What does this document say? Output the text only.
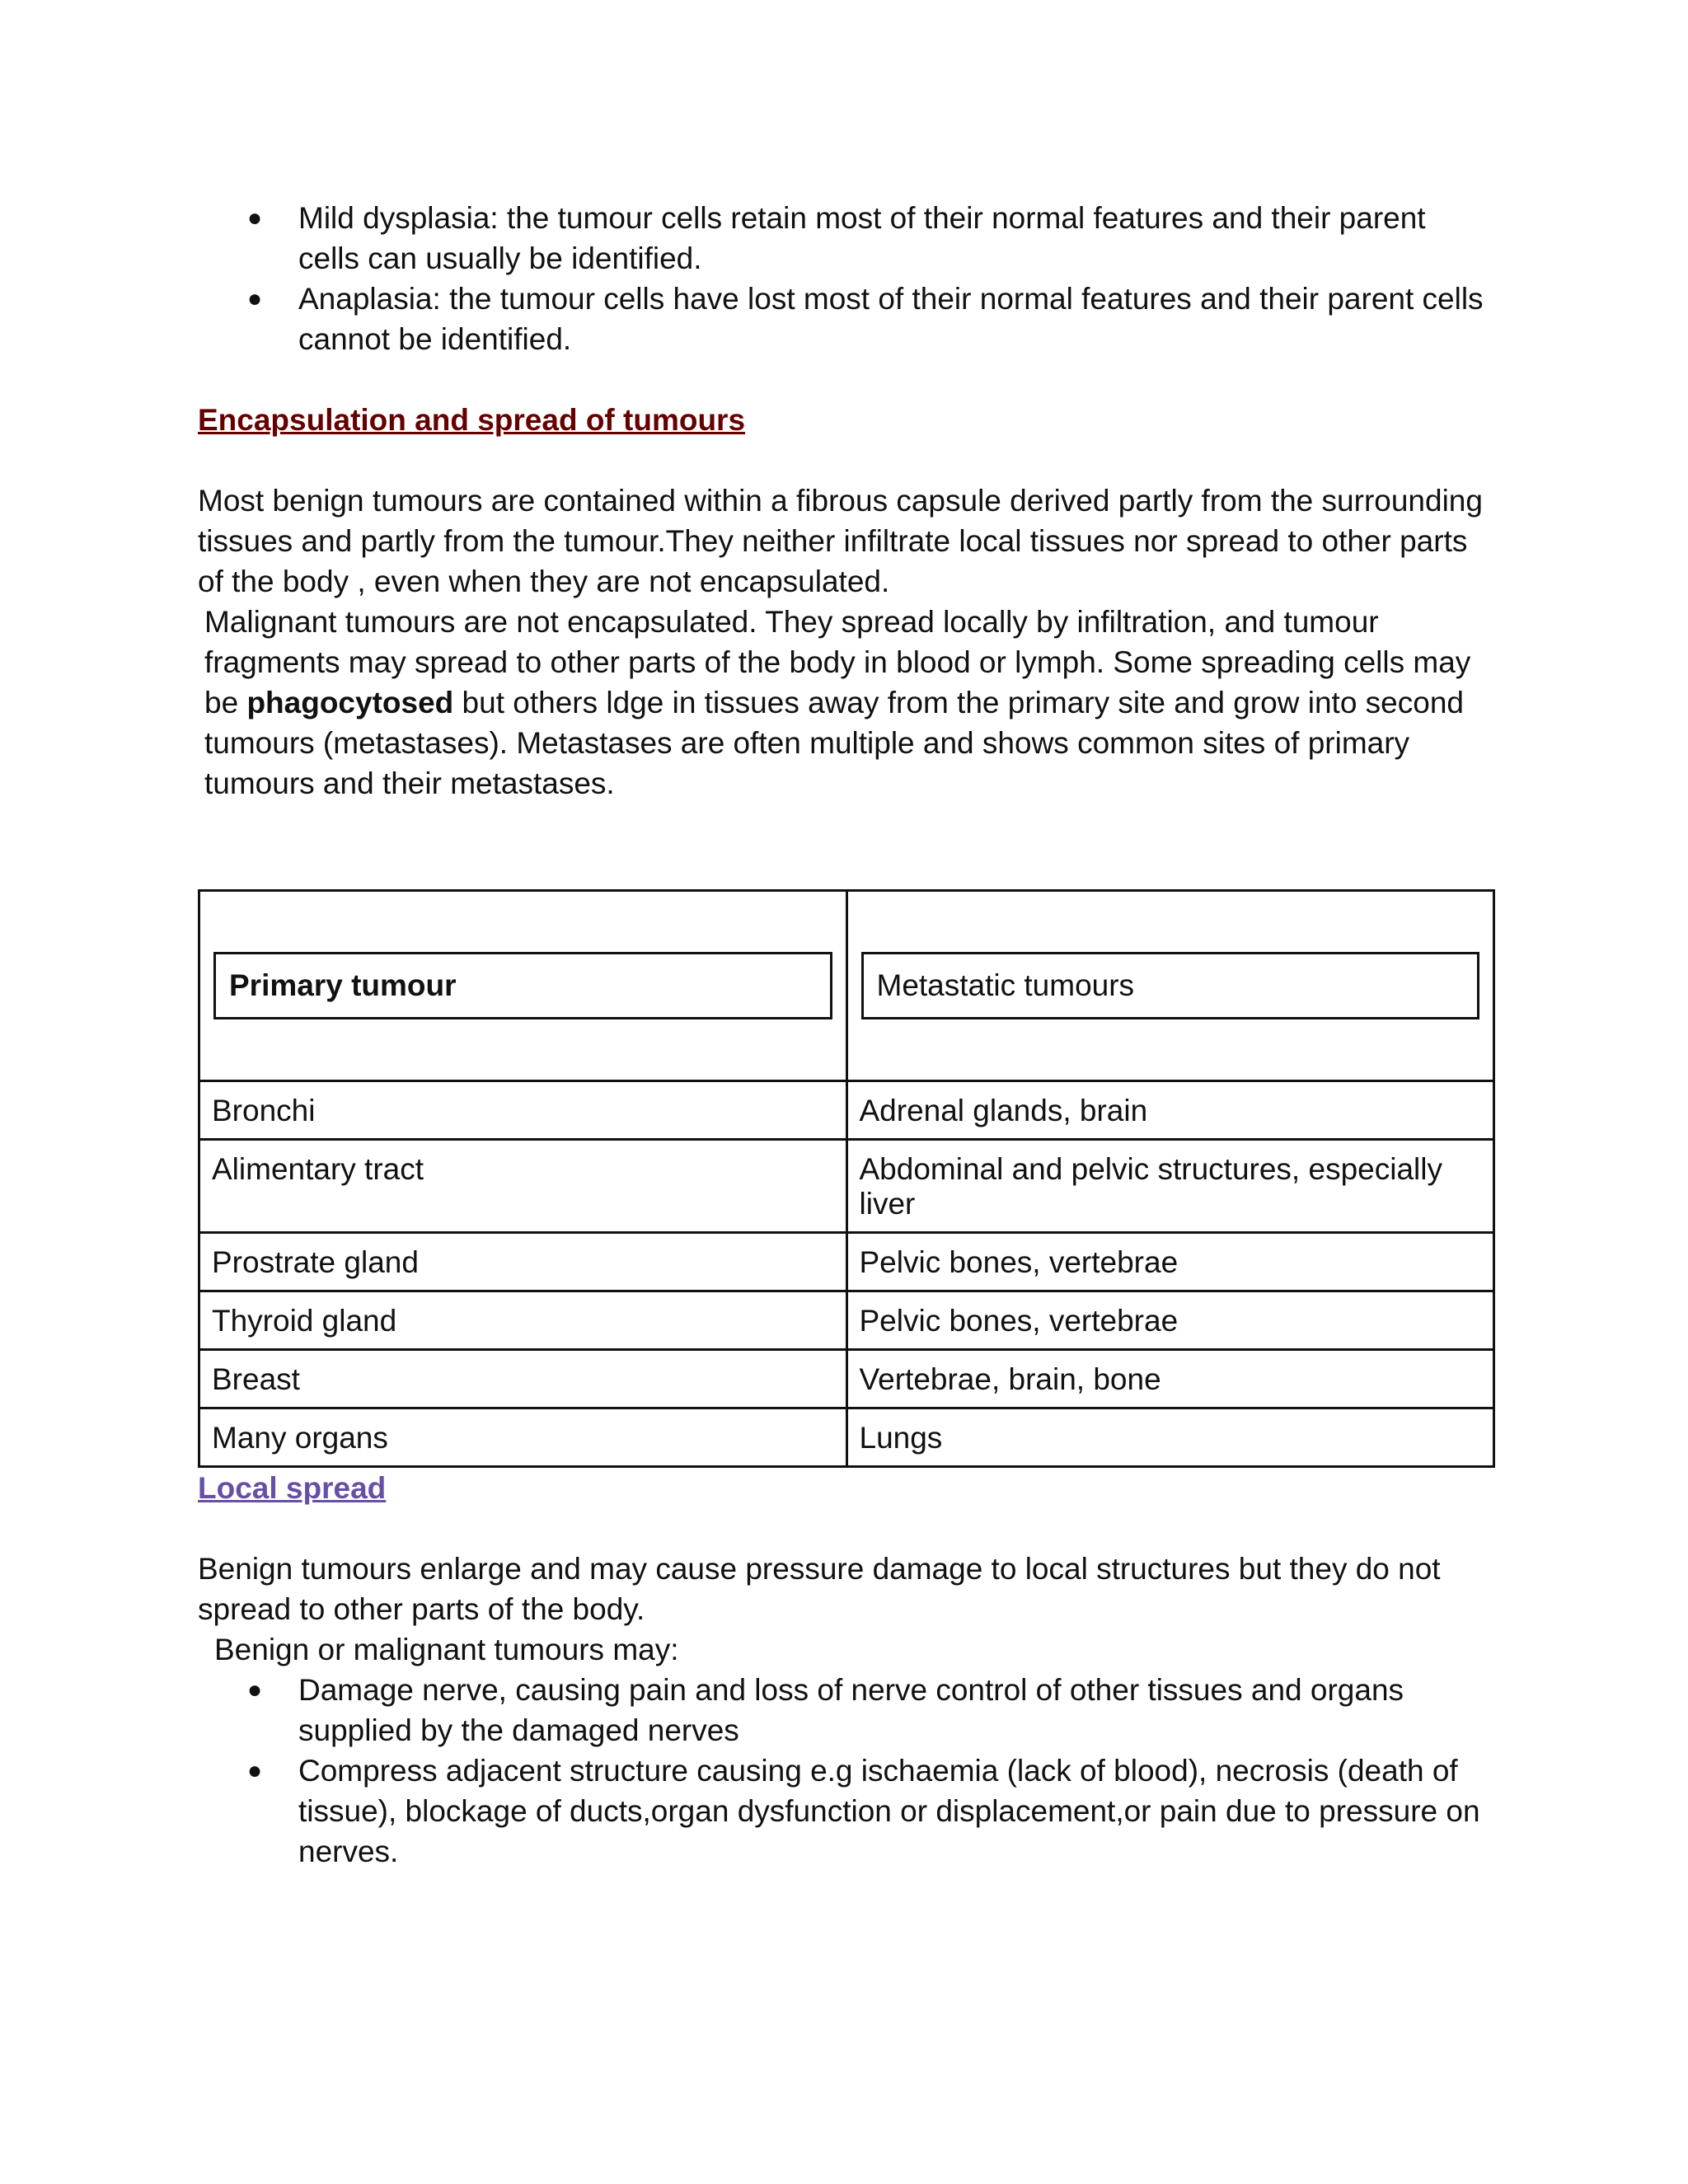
● Mild dysplasia: the tumour cells retain most of their normal features and their parent cells can usually be identified.
● Anaplasia: the tumour cells have lost most of their normal features and their parent cells cannot be identified.

Encapsulation and spread of tumours

Most benign tumours are contained within a fibrous capsule derived partly from the surrounding tissues and partly from the tumour.They neither infiltrate local tissues nor spread to other parts of the body , even when they are not encapsulated.

Malignant tumours are not encapsulated. They spread locally by infiltration, and tumour fragments may spread to other parts of the body in blood or lymph. Some spreading cells may be phagocytosed but others ldge in tissues away from the primary site and grow into second tumours (metastases). Metastases are often multiple and shows common sites of primary tumours and their metastases.

Primary tumour	Metastatic tumours

Bronchi	Adrenal glands, brain
Alimentary tract	Abdominal and pelvic structures, especially liver
Prostrate gland	Pelvic bones, vertebrae
Thyroid gland	Pelvic bones, vertebrae
Breast	Vertebrae, brain, bone
Many organs	Lungs

Local spread

Benign tumours enlarge and may cause pressure damage to local structures but they do not spread to other parts of the body.

Benign or malignant tumours may:

● Damage nerve, causing pain and loss of nerve control of other tissues and organs supplied by the damaged nerves
● Compress adjacent structure causing e.g ischaemia (lack of blood), necrosis (death of tissue), blockage of ducts,organ dysfunction or displacement,or pain due to pressure on nerves.
